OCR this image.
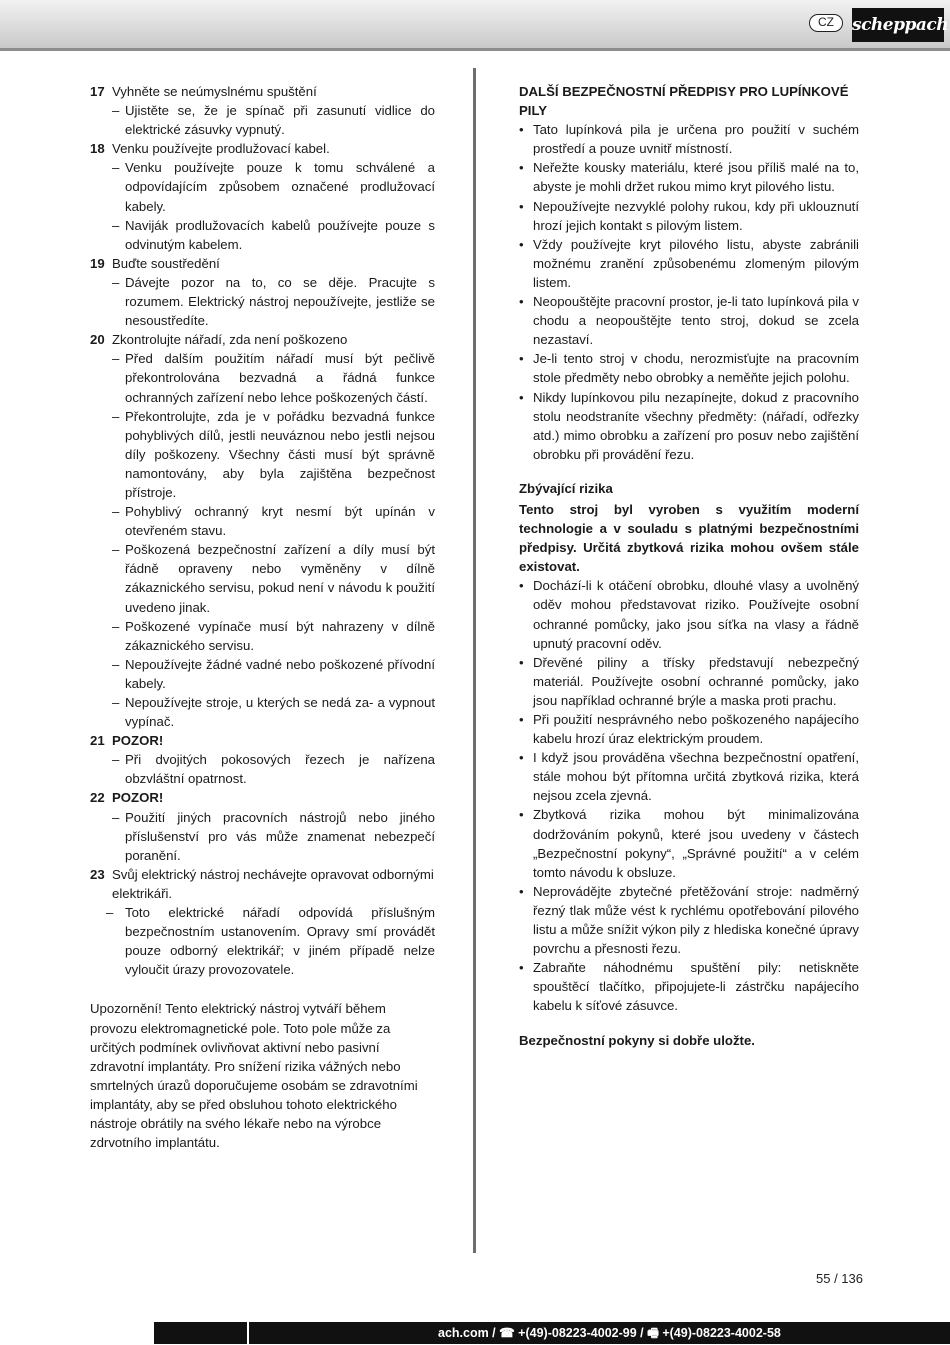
CZ	scheppach
17 Vyhněte se neúmyslnému spuštění
– Ujistěte se, že je spínač při zasunutí vidlice do elektrické zásuvky vypnutý.
18 Venku používejte prodlužovací kabel.
– Venku používejte pouze k tomu schválené a odpovídajícím způsobem označené prodlužovací kabely.
– Naviják prodlužovacích kabelů používejte pouze s odvinutým kabelem.
19 Buďte soustředění
– Dávejte pozor na to, co se děje. Pracujte s rozumem. Elektrický nástroj nepoužívejte, jestliže se nesoustředíte.
20 Zkontrolujte nářadí, zda není poškozeno
– Před dalším použitím nářadí musí být pečlivě překontrolována bezvadná a řádná funkce ochranných zařízení nebo lehce poškozených částí.
– Překontrolujte, zda je v pořádku bezvadná funkce pohyblivých dílů, jestli neuváznou nebo jestli nejsou díly poškozeny. Všechny části musí být správně namontovány, aby byla zajištěna bezpečnost přístroje.
– Pohyblivý ochranný kryt nesmí být upínán v otevřeném stavu.
– Poškozená bezpečnostní zařízení a díly musí být řádně opraveny nebo vyměněny v dílně zákaznického servisu, pokud není v návodu k použití uvedeno jinak.
– Poškozené vypínače musí být nahrazeny v dílně zákaznického servisu.
– Nepoužívejte žádné vadné nebo poškozené přívodní kabely.
– Nepoužívejte stroje, u kterých se nedá za- a vypnout vypínač.
21 POZOR!
– Při dvojitých pokosových řezech je nařízena obzvláštní opatrnost.
22 POZOR!
– Použití jiných pracovních nástrojů nebo jiného příslušenství pro vás může znamenat nebezpečí poranění.
23 Svůj elektrický nástroj nechávejte opravovat odbornými elektrikáři.
– Toto elektrické nářadí odpovídá příslušným bezpečnostním ustanovením. Opravy smí provádět pouze odborný elektrikář; v jiném případě nelze vyloučit úrazy provozovatele.

Upozornění! Tento elektrický nástroj vytváří během provozu elektromagnetické pole. Toto pole může za určitých podmínek ovlivňovat aktivní nebo pasivní zdravotní implantáty. Pro snížení rizika vážných nebo smrtelných úrazů doporučujeme osobám se zdravotními implantáty, aby se před obsluhou tohoto elektrického nástroje obrátily na svého lékaře nebo na výrobce zdrvotního implantátu.

DALŠÍ BEZPEČNOSTNÍ PŘEDPISY PRO LUPÍNKOVÉ PILY

• Tato lupínková pila je určena pro použití v suchém prostředí a pouze uvnitř místností.
• Neřežte kousky materiálu, které jsou příliš malé na to, abyste je mohli držet rukou mimo kryt pilového listu.
• Nepoužívejte nezvyklé polohy rukou, kdy při uklouznutí hrozí jejich kontakt s pilovým listem.
• Vždy používejte kryt pilového listu, abyste zabránili možnému zranění způsobenému zlomeným pilovým listem.
• Neopouštějte pracovní prostor, je-li tato lupínková pila v chodu a neopouštějte tento stroj, dokud se zcela nezastaví.
• Je-li tento stroj v chodu, nerozmisťujte na pracovním stole předměty nebo obrobky a neměňte jejich polohu.
• Nikdy lupínkovou pilu nezapínejte, dokud z pracovního stolu neodstraníte všechny předměty: (nářadí, odřezky atd.) mimo obrobku a zařízení pro posuv nebo zajištění obrobku při provádění řezu.

Zbývající rizika

Tento stroj byl vyroben s využitím moderní technologie a v souladu s platnými bezpečnostními předpisy. Určitá zbytková rizika mohou ovšem stále existovat.

• Dochází-li k otáčení obrobku, dlouhé vlasy a uvolněný oděv mohou představovat riziko. Používejte osobní ochranné pomůcky, jako jsou síťka na vlasy a řádně upnutý pracovní oděv.
• Dřevěné piliny a třísky představují nebezpečný materiál. Používejte osobní ochranné pomůcky, jako jsou například ochranné brýle a maska proti prachu.
• Při použití nesprávného nebo poškozeného napájecího kabelu hrozí úraz elektrickým proudem.
• I když jsou prováděna všechna bezpečnostní opatření, stále mohou být přítomna určitá zbytková rizika, která nejsou zcela zjevná.
• Zbytková rizika mohou být minimalizována dodržováním pokynů, které jsou uvedeny v částech „Bezpečnostní pokyny“, „Správné použití“ a v celém tomto návodu k obsluze.
• Neprovádějte zbytečné přetěžování stroje: nadměrný řezný tlak může vést k rychlému opotřebování pilového listu a může snížit výkon pily z hlediska konečné úpravy povrchu a přesnosti řezu.
• Zabraňte náhodnému spuštění pily: netiskněte spouštěcí tlačítko, připojujete-li zástrčku napájecího kabelu k síťové zásuvce.

Bezpečnostní pokyny si dobře uložte.

55 / 136
ach.com / ☎ +(49)-08223-4002-99 / 🖷 +(49)-08223-4002-58
